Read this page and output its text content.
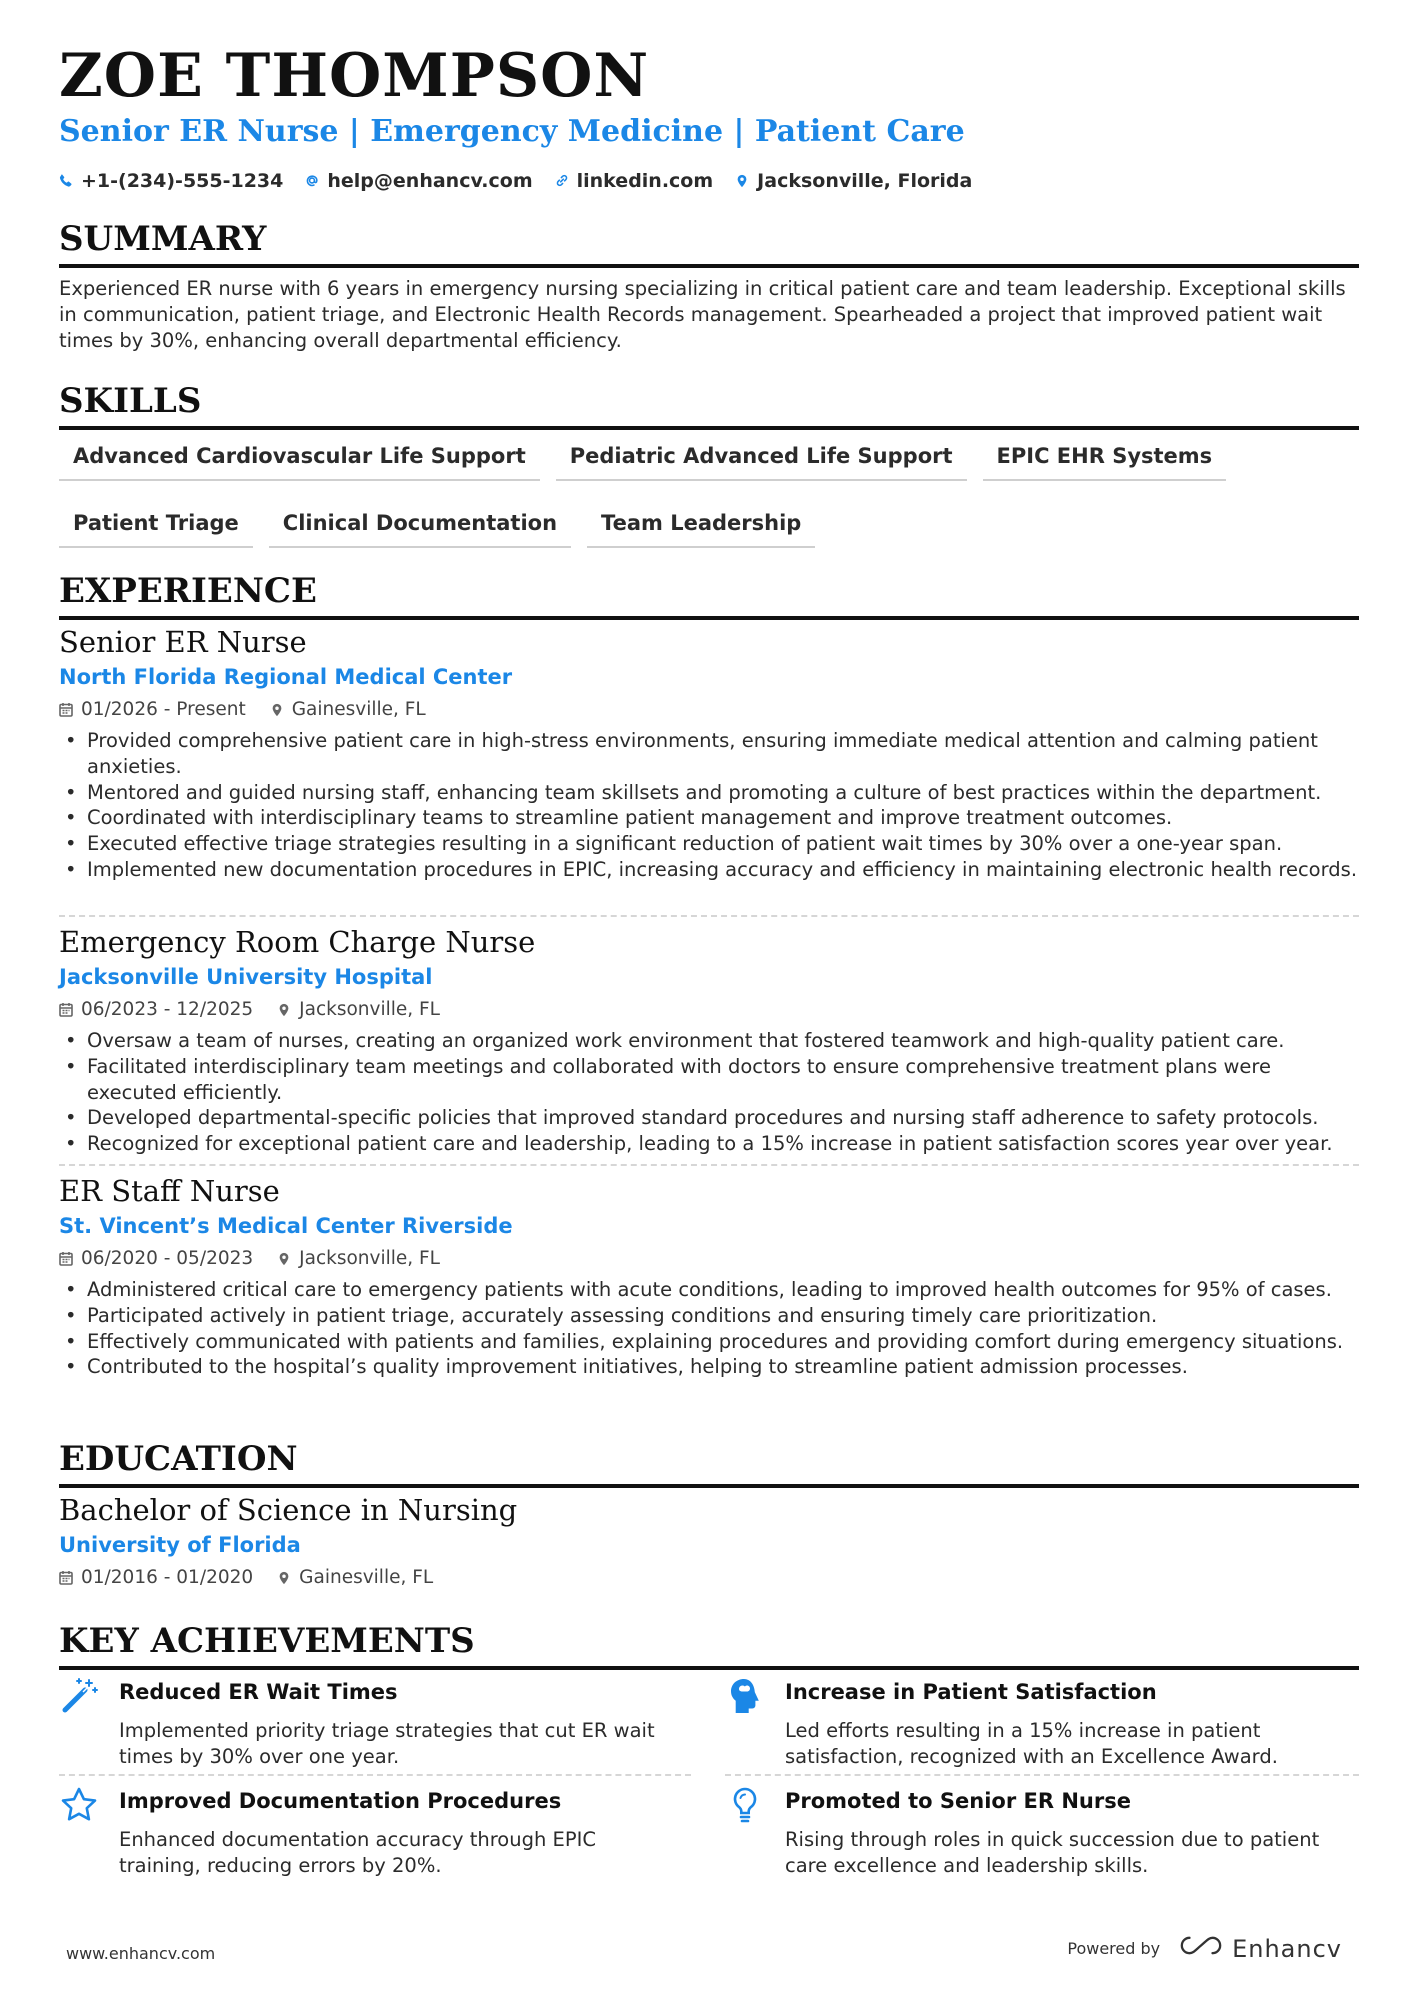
ZOE THOMPSON
Senior ER Nurse | Emergency Medicine | Patient Care
+1-(234)-555-1234 help@enhancv.com linkedin.com Jacksonville, Florida
SUMMARY
Experienced ER nurse with 6 years in emergency nursing specializing in critical patient care and team leadership. Exceptional skills in communication, patient triage, and Electronic Health Records management. Spearheaded a project that improved patient wait times by 30%, enhancing overall departmental efficiency.
SKILLS
Advanced Cardiovascular Life Support	Pediatric Advanced Life Support	EPIC EHR Systems
Patient Triage	Clinical Documentation	Team Leadership
EXPERIENCE
Senior ER Nurse
North Florida Regional Medical Center
01/2026 - Present Gainesville, FL
• Provided comprehensive patient care in high-stress environments, ensuring immediate medical attention and calming patient anxieties.
• Mentored and guided nursing staff, enhancing team skillsets and promoting a culture of best practices within the department.
• Coordinated with interdisciplinary teams to streamline patient management and improve treatment outcomes.
• Executed effective triage strategies resulting in a significant reduction of patient wait times by 30% over a one-year span.
• Implemented new documentation procedures in EPIC, increasing accuracy and efficiency in maintaining electronic health records.
Emergency Room Charge Nurse
Jacksonville University Hospital
06/2023 - 12/2025 Jacksonville, FL
• Oversaw a team of nurses, creating an organized work environment that fostered teamwork and high-quality patient care.
• Facilitated interdisciplinary team meetings and collaborated with doctors to ensure comprehensive treatment plans were executed efficiently.
• Developed departmental-specific policies that improved standard procedures and nursing staff adherence to safety protocols.
• Recognized for exceptional patient care and leadership, leading to a 15% increase in patient satisfaction scores year over year.
ER Staff Nurse
St. Vincent’s Medical Center Riverside
06/2020 - 05/2023 Jacksonville, FL
• Administered critical care to emergency patients with acute conditions, leading to improved health outcomes for 95% of cases.
• Participated actively in patient triage, accurately assessing conditions and ensuring timely care prioritization.
• Effectively communicated with patients and families, explaining procedures and providing comfort during emergency situations.
• Contributed to the hospital’s quality improvement initiatives, helping to streamline patient admission processes.
EDUCATION
Bachelor of Science in Nursing
University of Florida
01/2016 - 01/2020 Gainesville, FL
KEY ACHIEVEMENTS
Reduced ER Wait Times
Implemented priority triage strategies that cut ER wait times by 30% over one year.
Increase in Patient Satisfaction
Led efforts resulting in a 15% increase in patient satisfaction, recognized with an Excellence Award.
Improved Documentation Procedures
Enhanced documentation accuracy through EPIC training, reducing errors by 20%.
Promoted to Senior ER Nurse
Rising through roles in quick succession due to patient care excellence and leadership skills.
www.enhancv.com	Powered by	Enhancv
